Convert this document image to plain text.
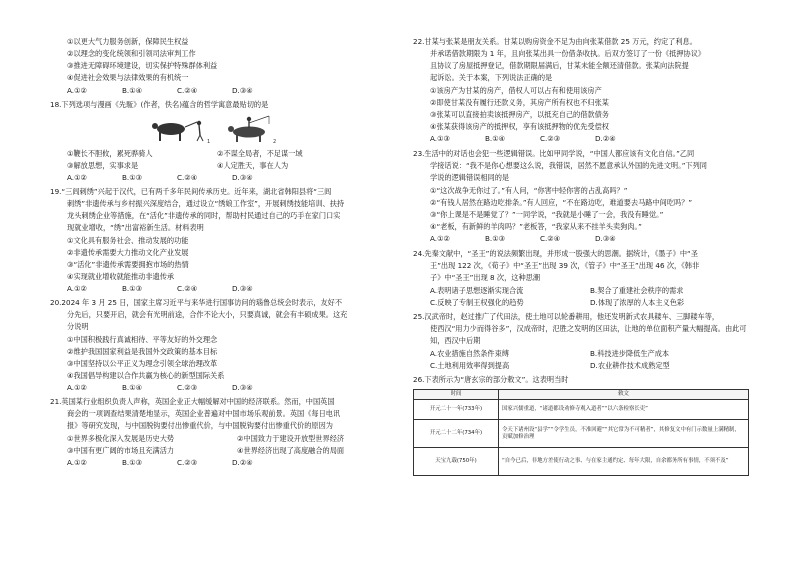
①以更大气力服务创新，保障民生权益
②以理念的变化统领和引领司法审判工作
③推进无障碍环境建设，切实保护特殊群体利益
④促进社会效果与法律效果的有机统一
A.①②	B.①④	C.②④	D.③④
18.下列选项与漫画《先駈》(作者，佚名)蕴含的哲学寓意最贴切的是
1	2
①鞭长不胆攸，累死骅骑人	②不谋全局者，不足谋一域
③解放思想，实事求是	④人定胜天，事在人为
A.①②	B.①③	C.②④	D.③④
19.“三闾刺绣”兴起于汉代，已有两千多年民间传承历史。近年来，湖北省韩阳县将“三闾
刺绣”非遗传承与乡村振兴深度结合，通过设立“绣娘工作室”，开展刺绣技能培训、扶持
龙头刺绣企业等措施，在“活化”非遗传承的同时，帮助村民通过自己的巧手在家门口实
现就业增收，“绣”出富裕新生活。材料表明
①文化具有服务社会、推动发展的功能
②非遗传承需要大力推动文化产业发展
③“活化”非遗传承需要拥抱市场的热情
④实现就业增收就能推动非遗传承
A.①②	B.①③	C.②④	D.③④
20.2024 年 3 月 25 日，国家主席习近平与来华进行国事访问的瑙鲁总统会时表示，友好不
分先后，只要开启，就会有光明前途，合作不论大小，只要真诚，就会有丰硕成果。这充
分说明
①中国积极践行真诚相待、平等友好的外交理念
②维护我国国家利益是我国外交政策的基本目标
③中国坚持以公平正义为理念引领全球治理改革
④我国倡导构建以合作共赢为核心的新型国际关系
A.①②	B.①④	C.②③	D.③④
21.英国某行业组织负责人声称，英国企业正大幅缓解对中国的经济联系。然而，中国英国
商会的一项调查结果清楚地显示，英国企业普遍对中国市场乐观前景。英国《每日电讯
报》等研究发现，与中国脱钩要付出惨重代价，与中国脱钩要付出惨重代价的原因为
①世界多极化深入发展是历史大势	②中国致力于建设开放型世界经济
③中国有更广阔的市场且充满活力	④世界经济出现了高度融合的局面
A.①②	B.①③	C.②③	D.②④
22.甘某与张某是朋友关系。甘某以购房资金不足为由向张某借款 25 万元，约定了利息。
并承诺借款期限为 1 年，且向张某出具一份借条收执。后双方签订了一份《抵押协议》
且协议了房屋抵押登记，借款期限届满后，甘某未能全额还清借款。张某向法院提
起诉讼。关于本案，下列说法正确的是
①该房产为甘某的房产，借权人可以占有和使用该房产
②即使甘某没有履行还款义务，其房产所有权也不归张某
③张某可以直接拍卖该抵押房产，以抵充自己的借款债务
④张某获得该房产的抵押权，享有该抵押物的优先受偿权
A.①③	B.①④	C.②③	D.②④
23.生活中的对话也会犯一些逻辑错误。比如甲同学说，“中国人都应该有文化自信。”乙同
学接话说：“我不是你心想要这么说，我错误，居然不愿意承认外国的先进文明。”下列同
学说的逻辑错误相同的是
①“这次战争无你过了。”有人问，“你害中轻你害的占乱高吗？”
②“有钱人居然在路边吃排条。”有人回应，“不在路边吃，难道要去马路中间吃吗？”
③“你上课是不是睡觉了？”一同学说，“我就是小睡了一会，我没有睡觉。”
④“老板，有新鲜的羊肉吗？”老板答，“我家从来不挂羊头卖狗肉。”
A.①②	B.①③	C.②④	D.③④
24.先秦文献中，“圣王”的说法频繁出现，并形成一股强大的思潮。据统计，《墨子》中“圣
王”出现 122 次，《荀子》中“圣王”出现 39 次，《管子》中“圣王”出现 46 次，《韩非
子》中“圣王”出现 8 次，这种思潮
A.表明诸子思想逐渐实现合流	B.契合了重建社会秩序的需求
C.反映了专制王权强化的趋势	D.体现了浓厚的人本主义色彩
25.汉武帝时，赵过推广了代田法，使土地可以轮番耕用，他还发明新式农具耧车、三脚耧车等，
使西汉“用力少而得谷多”，汉成帝时，氾胜之发明的区田法，让地的单位面积产量大幅提高。由此可
知，西汉中后期
A.农业措施自然条件束缚	B.科技进步降低生产成本
C.土地利用效率得到提高	D.农业耕作技术成熟定型
26.下表所示为“唐玄宗的部分敕文”。这表明当时
时间	敕文
开元二十一年(733年)	国家兴儒重道，“诸道都设劝修寺观入道者”“以六条检察长吏”
开元二十二年(734年)	令天下诸州设“县学”“令学生员，不准回避”“其它常为不可精者”，其修复文中有门示数量上满精制，贡赋加修治理
天宝九载(750年)	“自今已后，非地方差使行动之事、与在家主通约定、每年大限，自余都务所有事情，不须不及”
